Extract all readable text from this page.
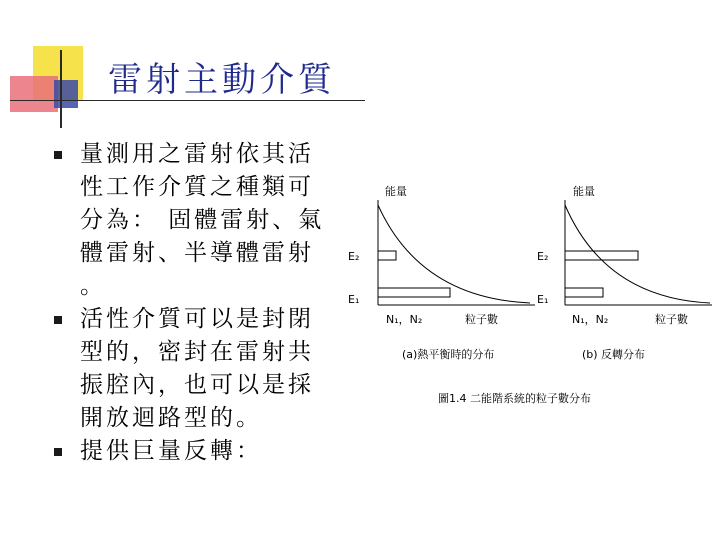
雷射主動介質
量測用之雷射依其活性工作介質之種類可分為： 固體雷射、氣體雷射、半導體雷射 。
活性介質可以是封閉型的，密封在雷射共振腔內，也可以是採開放迴路型的。
提供巨量反轉：
能量
E₂
E₁
N₁，N₂	粒子數
(a)熱平衡時的分布
能量
E₂
E₁
N₁，N₂	粒子數
(b) 反轉分布
圖1.4 二能階系統的粒子數分布
